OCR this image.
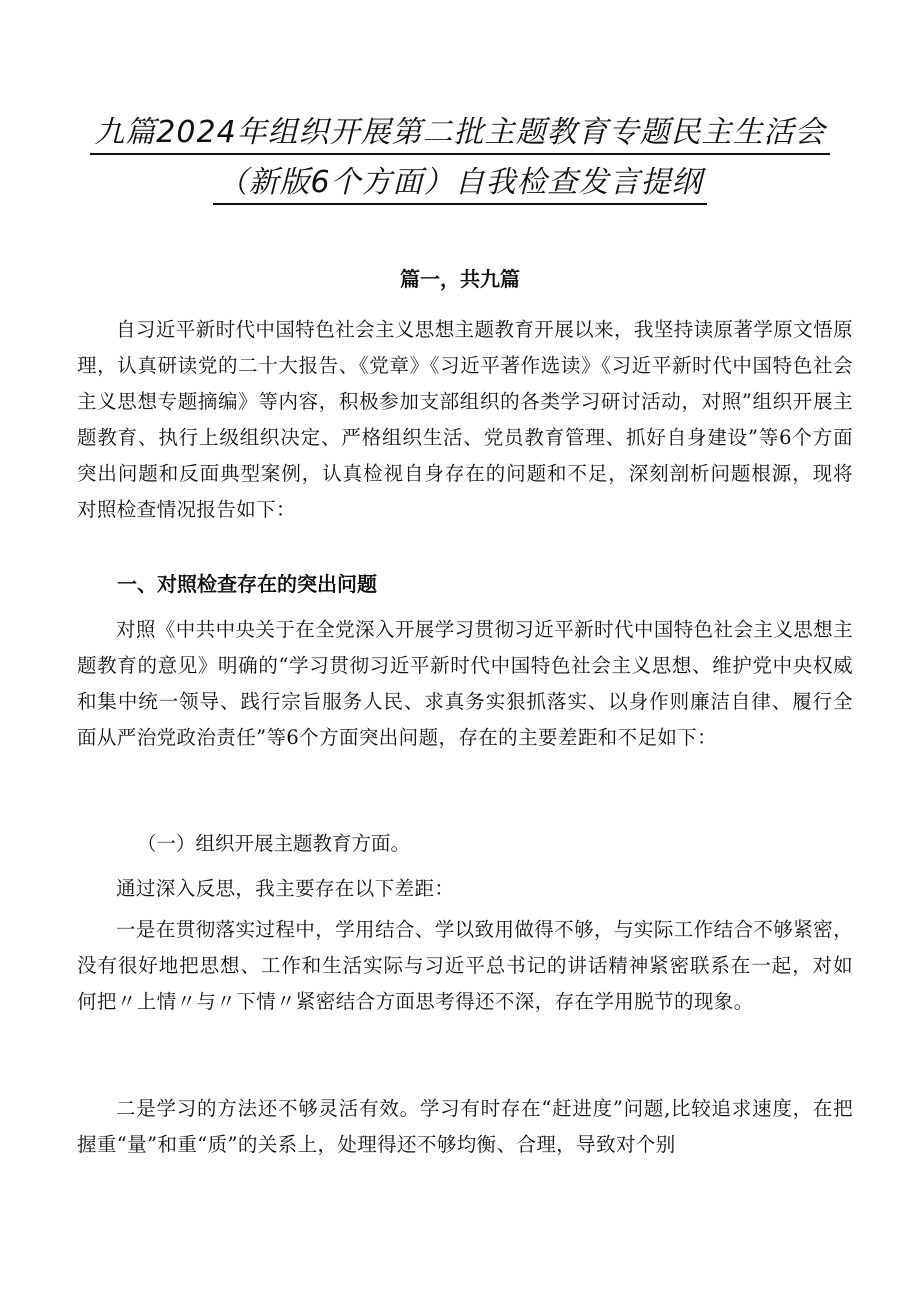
九篇2024年组织开展第二批主题教育专题民主生活会
（新版6个方面）自我检查发言提纲
篇一，共九篇

自习近平新时代中国特色社会主义思想主题教育开展以来，我坚持读原著学原文悟原理，认真研读党的二十大报告、《党章》《习近平著作选读》《习近平新时代中国特色社会主义思想专题摘编》等内容，积极参加支部组织的各类学习研讨活动，对照”组织开展主题教育、执行上级组织决定、严格组织生活、党员教育管理、抓好自身建设”等6个方面突出问题和反面典型案例，认真检视自身存在的问题和不足，深刻剖析问题根源，现将对照检查情况报告如下：

一、对照检查存在的突出问题

对照《中共中央关于在全党深入开展学习贯彻习近平新时代中国特色社会主义思想主题教育的意见》明确的“学习贯彻习近平新时代中国特色社会主义思想、维护党中央权威和集中统一领导、践行宗旨服务人民、求真务实狠抓落实、以身作则廉洁自律、履行全面从严治党政治责任”等6个方面突出问题，存在的主要差距和不足如下：

（一）组织开展主题教育方面。

通过深入反思，我主要存在以下差距：

一是在贯彻落实过程中，学用结合、学以致用做得不够，与实际工作结合不够紧密，没有很好地把思想、工作和生活实际与习近平总书记的讲话精神紧密联系在一起，对如何把〃上情〃与〃下情〃紧密结合方面思考得还不深，存在学用脱节的现象。

二是学习的方法还不够灵活有效。学习有时存在“赶进度”问题,比较追求速度，在把握重“量”和重“质”的关系上，处理得还不够均衡、合理，导致对个别
